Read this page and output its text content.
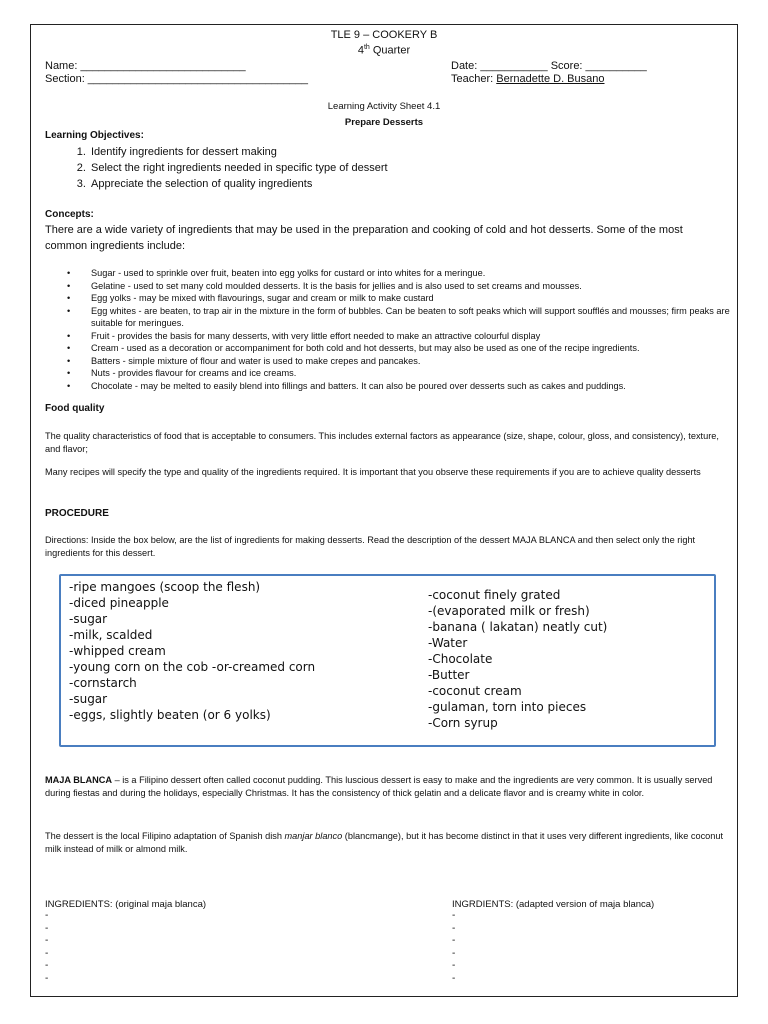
TLE 9 – COOKERY B
4th Quarter
Name: ___________________________
Section: ____________________________________
Date: ___________ Score: __________
Teacher: Bernadette D. Busano
Learning Activity Sheet 4.1
Prepare Desserts
Learning Objectives:
1. Identify ingredients for dessert making
2. Select the right ingredients needed in specific type of dessert
3. Appreciate the selection of quality ingredients
Concepts:
There are a wide variety of ingredients that may be used in the preparation and cooking of cold and hot desserts. Some of the most common ingredients include:
• Sugar - used to sprinkle over fruit, beaten into egg yolks for custard or into whites for a meringue.
• Gelatine - used to set many cold moulded desserts. It is the basis for jellies and is also used to set creams and mousses.
• Egg yolks - may be mixed with flavourings, sugar and cream or milk to make custard
• Egg whites - are beaten, to trap air in the mixture in the form of bubbles. Can be beaten to soft peaks which will support soufflés and mousses; firm peaks are suitable for meringues.
• Fruit - provides the basis for many desserts, with very little effort needed to make an attractive colourful display
• Cream - used as a decoration or accompaniment for both cold and hot desserts, but may also be used as one of the recipe ingredients.
• Batters - simple mixture of flour and water is used to make crepes and pancakes.
• Nuts - provides flavour for creams and ice creams.
• Chocolate - may be melted to easily blend into fillings and batters. It can also be poured over desserts such as cakes and puddings.
Food quality
The quality characteristics of food that is acceptable to consumers. This includes external factors as appearance (size, shape, colour, gloss, and consistency), texture, and flavor;
Many recipes will specify the type and quality of the ingredients required. It is important that you observe these requirements if you are to achieve quality desserts
PROCEDURE
Directions: Inside the box below, are the list of ingredients for making desserts. Read the description of the dessert MAJA BLANCA and then select only the right ingredients for this dessert.
-ripe mangoes (scoop the flesh)
-diced pineapple
-sugar
-milk, scalded
-whipped cream
-young corn on the cob -or-creamed corn
-cornstarch
-sugar
-eggs, slightly beaten (or 6 yolks)
-coconut finely grated
-(evaporated milk or fresh)
-banana ( lakatan) neatly cut)
-Water
-Chocolate
-Butter
-coconut cream
-gulaman, torn into pieces
-Corn syrup
MAJA BLANCA – is a Filipino dessert often called coconut pudding. This luscious dessert is easy to make and the ingredients are very common. It is usually served during fiestas and during the holidays, especially Christmas. It has the consistency of thick gelatin and a delicate flavor and is creamy white in color.
The dessert is the local Filipino adaptation of Spanish dish manjar blanco (blancmange), but it has become distinct in that it uses very different ingredients, like coconut milk instead of milk or almond milk.
INGREDIENTS: (original maja blanca)	INGRDIENTS: (adapted version of maja blanca)
-
-
-
-
-
-
-
-
-
-
-
-
